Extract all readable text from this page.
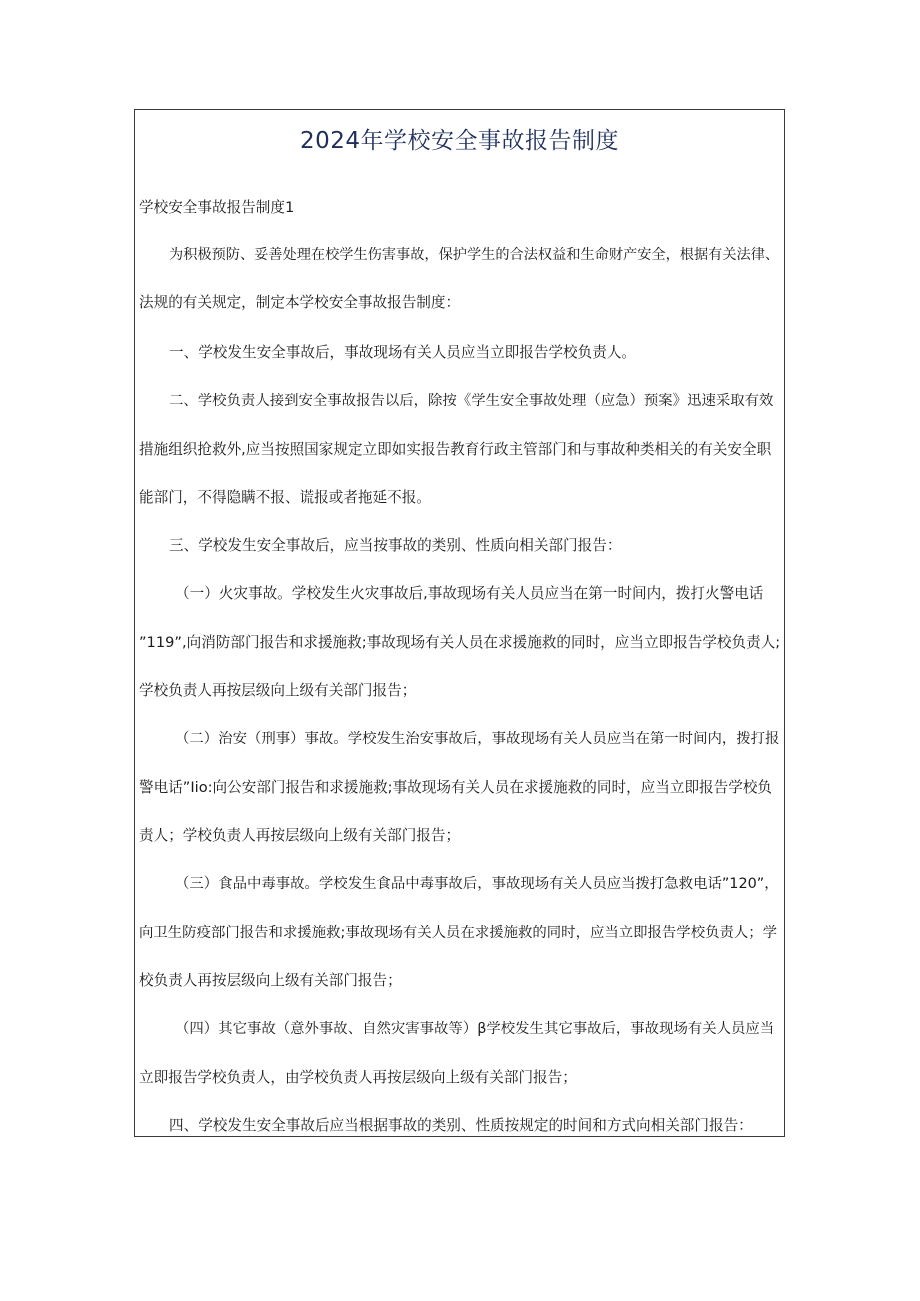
2024年学校安全事故报告制度

学校安全事故报告制度1

为积极预防、妥善处理在校学生伤害事故，保护学生的合法权益和生命财产安全，根据有关法律、

法规的有关规定，制定本学校安全事故报告制度：

一、学校发生安全事故后，事故现场有关人员应当立即报告学校负责人。

二、学校负责人接到安全事故报告以后，除按《学生安全事故处理（应急）预案》迅速采取有效

措施组织抢救外,应当按照国家规定立即如实报告教育行政主管部门和与事故种类相关的有关安全职

能部门，不得隐瞒不报、谎报或者拖延不报。

三、学校发生安全事故后，应当按事故的类别、性质向相关部门报告：

（一）火灾事故。学校发生火灾事故后,事故现场有关人员应当在第一时间内，拨打火警电话

”119”,向消防部门报告和求援施救;事故现场有关人员在求援施救的同时，应当立即报告学校负责人;

学校负责人再按层级向上级有关部门报告；

（二）治安（刑事）事故。学校发生治安事故后，事故现场有关人员应当在第一时间内，拨打报

警电话”Iio:向公安部门报告和求援施救;事故现场有关人员在求援施救的同时，应当立即报告学校负

责人；学校负责人再按层级向上级有关部门报告；

（三）食品中毒事故。学校发生食品中毒事故后，事故现场有关人员应当拨打急救电话”120”，

向卫生防疫部门报告和求援施救;事故现场有关人员在求援施救的同时，应当立即报告学校负责人；学

校负责人再按层级向上级有关部门报告；

（四）其它事故（意外事故、自然灾害事故等）β学校发生其它事故后，事故现场有关人员应当

立即报告学校负责人，由学校负责人再按层级向上级有关部门报告；

四、学校发生安全事故后应当根据事故的类别、性质按规定的时间和方式向相关部门报告：
